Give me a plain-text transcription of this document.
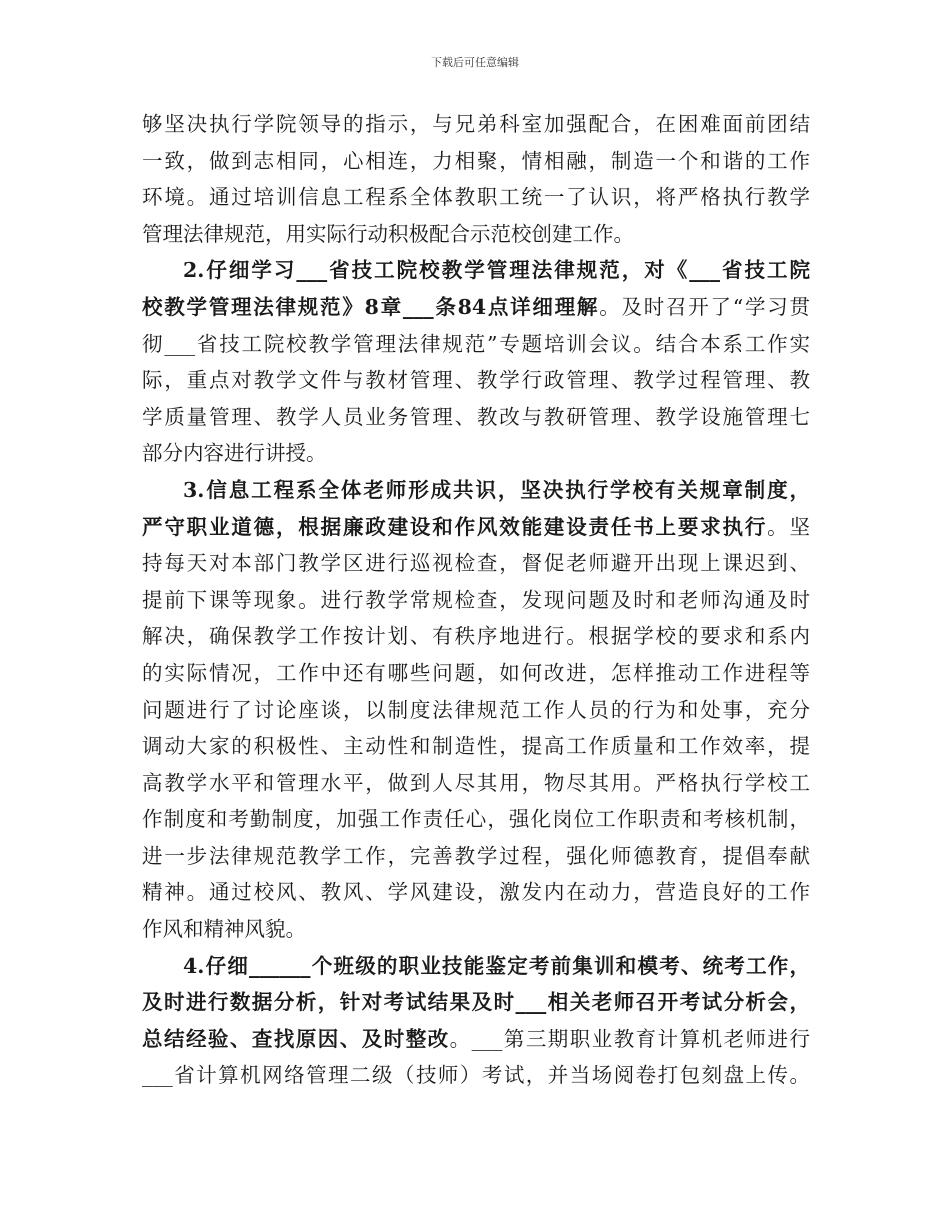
下载后可任意编辑
够坚决执行学院领导的指示，与兄弟科室加强配合，在困难面前团结
一致，做到志相同，心相连，力相聚，情相融，制造一个和谐的工作
环境。通过培训信息工程系全体教职工统一了认识，将严格执行教学
管理法律规范，用实际行动积极配合示范校创建工作。
2.仔细学习___省技工院校教学管理法律规范，对《___省技工院
校教学管理法律规范》8章___条84点详细理解。及时召开了“学习贯
彻___省技工院校教学管理法律规范”专题培训会议。结合本系工作实
际，重点对教学文件与教材管理、教学行政管理、教学过程管理、教
学质量管理、教学人员业务管理、教改与教研管理、教学设施管理七
部分内容进行讲授。
3.信息工程系全体老师形成共识，坚决执行学校有关规章制度，
严守职业道德，根据廉政建设和作风效能建设责任书上要求执行。坚
持每天对本部门教学区进行巡视检查，督促老师避开出现上课迟到、
提前下课等现象。进行教学常规检查，发现问题及时和老师沟通及时
解决，确保教学工作按计划、有秩序地进行。根据学校的要求和系内
的实际情况，工作中还有哪些问题，如何改进，怎样推动工作进程等
问题进行了讨论座谈，以制度法律规范工作人员的行为和处事，充分
调动大家的积极性、主动性和制造性，提高工作质量和工作效率，提
高教学水平和管理水平，做到人尽其用，物尽其用。严格执行学校工
作制度和考勤制度，加强工作责任心，强化岗位工作职责和考核机制，
进一步法律规范教学工作，完善教学过程，强化师德教育，提倡奉献
精神。通过校风、教风、学风建设，激发内在动力，营造良好的工作
作风和精神风貌。
4.仔细______个班级的职业技能鉴定考前集训和模考、统考工作，
及时进行数据分析，针对考试结果及时___相关老师召开考试分析会，
总结经验、查找原因、及时整改。___第三期职业教育计算机老师进行
___省计算机网络管理二级（技师）考试，并当场阅卷打包刻盘上传。
